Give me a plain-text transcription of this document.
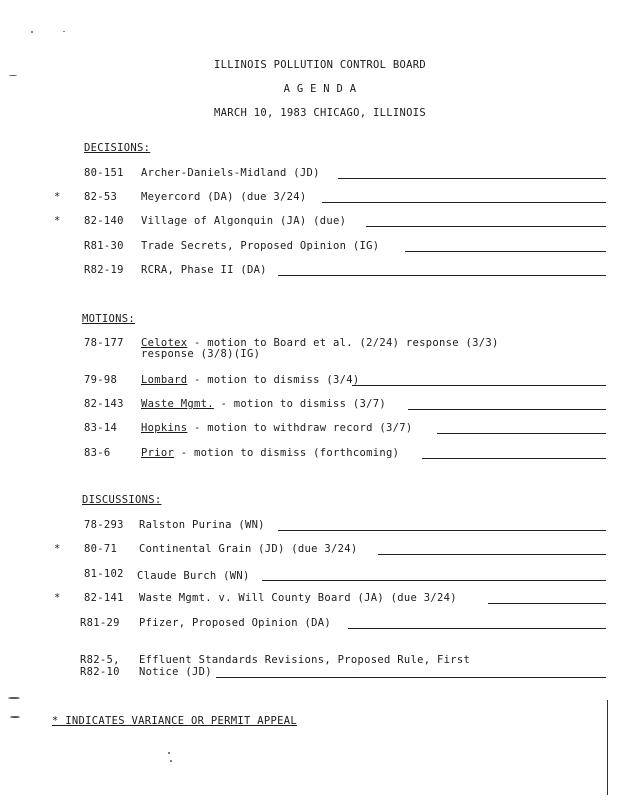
ILLINOIS POLLUTION CONTROL BOARD
A G E N D A
MARCH 10, 1983 CHICAGO, ILLINOIS
DECISIONS:
80-151 Archer-Daniels-Midland (JD)
* 82-53 Meyercord (DA) (due 3/24)
* 82-140 Village of Algonquin (JA) (due)
R81-30 Trade Secrets, Proposed Opinion (IG)
R82-19 RCRA, Phase II (DA)
MOTIONS:
78-177 Celotex - motion to Board et al. (2/24) response (3/3)
response (3/8)(IG)
79-98 Lombard - motion to dismiss (3/4)
82-143 Waste Mgmt. - motion to dismiss (3/7)
83-14 Hopkins - motion to withdraw record (3/7)
83-6	Prior - motion to dismiss (forthcoming)
DISCUSSIONS:
78-293 Ralston Purina (WN)
* 80-71 Continental Grain (JD) (due 3/24)
81-102 Claude Burch (WN)
* 82-141 Waste Mgmt. v. Will County Board (JA) (due 3/24)
R81-29 Pfizer, Proposed Opinion (DA)
R82-5,
R82-10
Effluent Standards Revisions, Proposed Rule, First
Notice (JD)
* INDICATES VARIANCE OR PERMIT APPEAL
